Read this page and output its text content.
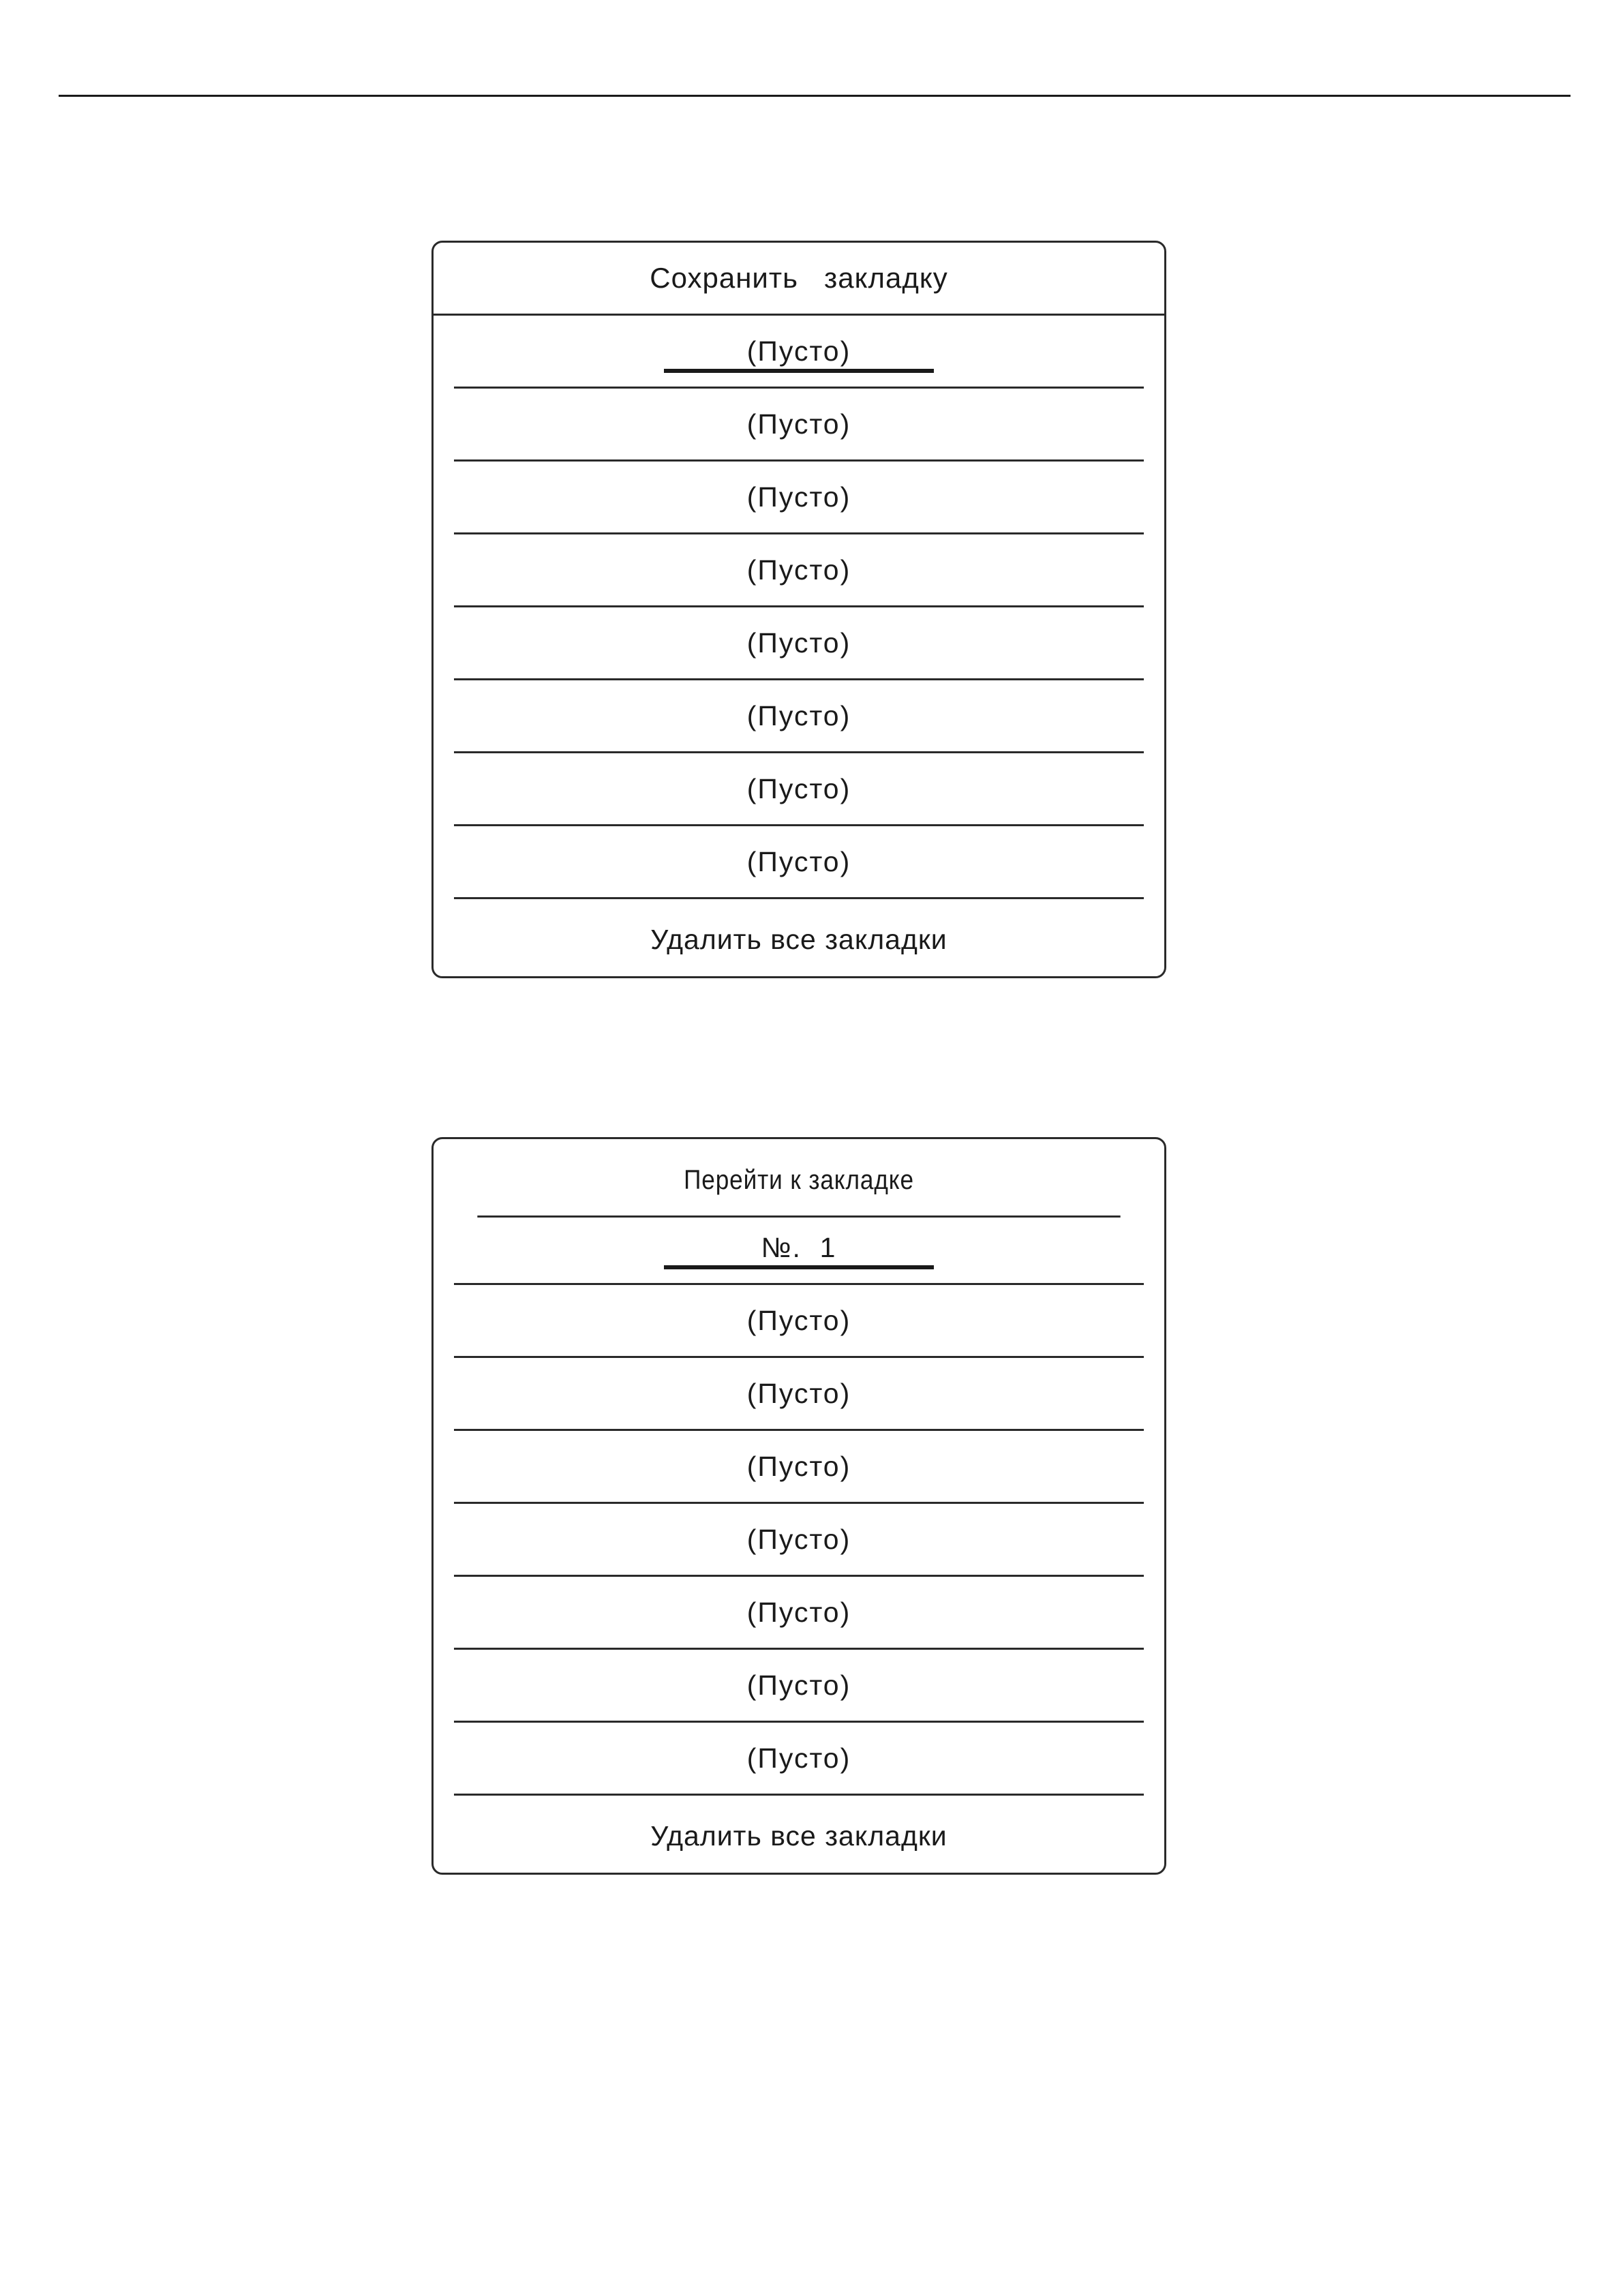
Сохранить   закладку
(Пусто)
(Пусто)
(Пусто)
(Пусто)
(Пусто)
(Пусто)
(Пусто)
(Пусто)
Удалить все закладки
Перейти к закладке
№.  1
(Пусто)
(Пусто)
(Пусто)
(Пусто)
(Пусто)
(Пусто)
(Пусто)
Удалить все закладки
